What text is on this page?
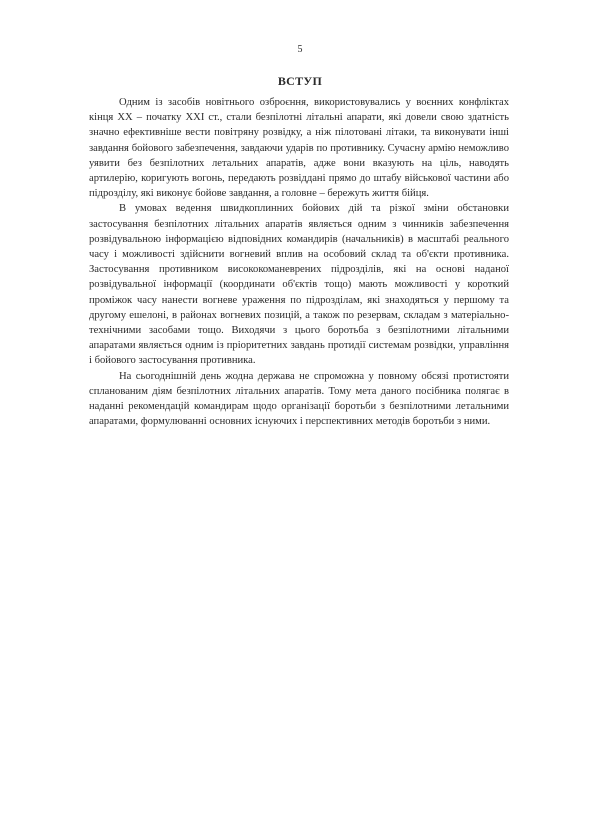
5
ВСТУП

Одним із засобів новітнього озброєння, використовувались у воєнних конфліктах кінця XX – початку XXI ст., стали безпілотні літальні апарати, які довели свою здатність значно ефективніше вести повітряну розвідку, а ніж пілотовані літаки, та виконувати інші завдання бойового забезпечення, завдаючи ударів по противнику. Сучасну армію неможливо уявити без безпілотних летальних апаратів, адже вони вказують на ціль, наводять артилерію, коригують вогонь, передають розвіддані прямо до штабу військової частини або підрозділу, які виконує бойове завдання, а головне – бережуть життя бійця.

В умовах ведення швидкоплинних бойових дій та різкої зміни обстановки застосування безпілотних літальних апаратів являється одним з чинників забезпечення розвідувальною інформацією відповідних командирів (начальників) в масштабі реального часу і можливості здійснити вогневий вплив на особовий склад та об'єкти противника. Застосування противником висококоманеврених підрозділів, які на основі наданої розвідувальної інформації (координати об'єктів тощо) мають можливості у короткий проміжок часу нанести вогневе ураження по підрозділам, які знаходяться у першому та другому ешелоні, в районах вогневих позицій, а також по резервам, складам з матеріально-технічними засобами тощо. Виходячи з цього боротьба з безпілотними літальними апаратами являється одним із пріоритетних завдань протидії системам розвідки, управління і бойового застосування противника.

На сьогоднішній день жодна держава не спроможна у повному обсязі протистояти спланованим діям безпілотних літальних апаратів. Тому мета даного посібника полягає в наданні рекомендацій командирам щодо організації боротьби з безпілотними летальними апаратами, формулюванні основних існуючих і перспективних методів боротьби з ними.
